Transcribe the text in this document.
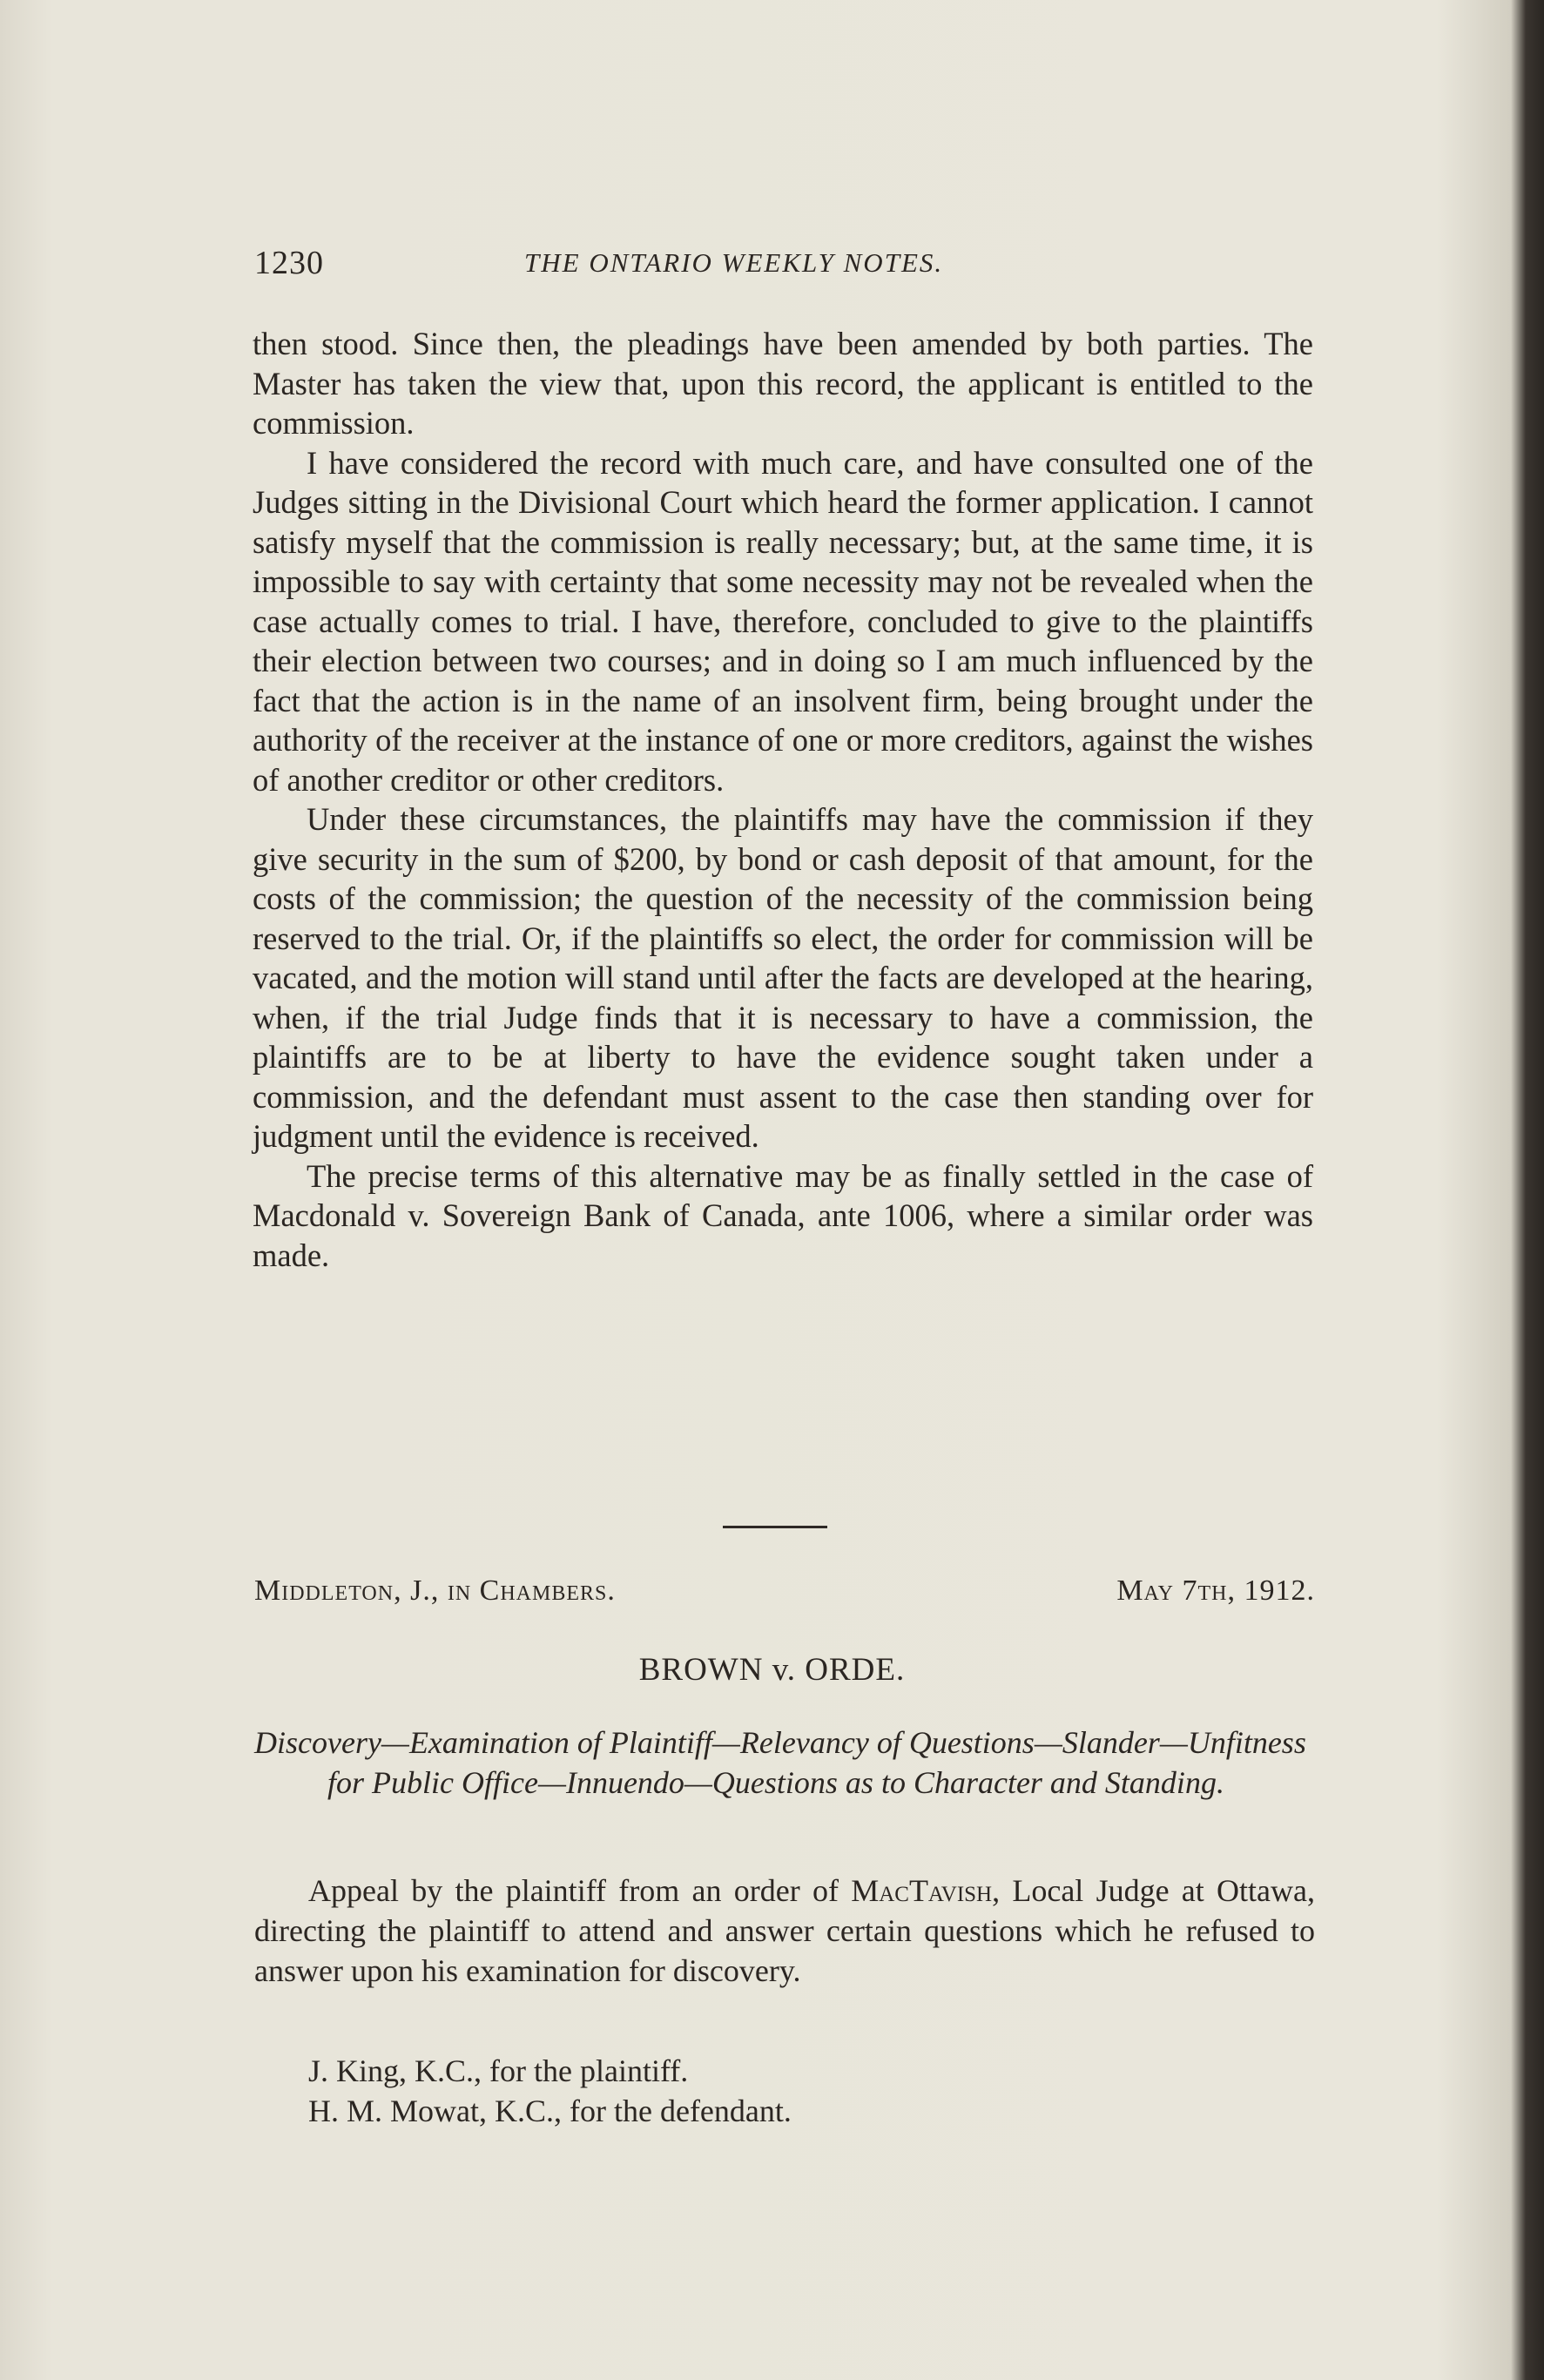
1230	THE ONTARIO WEEKLY NOTES.

then stood. Since then, the pleadings have been amended by both parties. The Master has taken the view that, upon this record, the applicant is entitled to the commission.

I have considered the record with much care, and have consulted one of the Judges sitting in the Divisional Court which heard the former application. I cannot satisfy myself that the commission is really necessary; but, at the same time, it is impossible to say with certainty that some necessity may not be revealed when the case actually comes to trial. I have, therefore, concluded to give to the plaintiffs their election between two courses; and in doing so I am much influenced by the fact that the action is in the name of an insolvent firm, being brought under the authority of the receiver at the instance of one or more creditors, against the wishes of another creditor or other creditors.

Under these circumstances, the plaintiffs may have the commission if they give security in the sum of $200, by bond or cash deposit of that amount, for the costs of the commission; the question of the necessity of the commission being reserved to the trial. Or, if the plaintiffs so elect, the order for commission will be vacated, and the motion will stand until after the facts are developed at the hearing, when, if the trial Judge finds that it is necessary to have a commission, the plaintiffs are to be at liberty to have the evidence sought taken under a commission, and the defendant must assent to the case then standing over for judgment until the evidence is received.

The precise terms of this alternative may be as finally settled in the case of Macdonald v. Sovereign Bank of Canada, ante 1006, where a similar order was made.

Middleton, J., in Chambers.	May 7th, 1912.
BROWN v. ORDE.
Discovery—Examination of Plaintiff—Relevancy of Questions—Slander—Unfitness for Public Office—Innuendo—Questions as to Character and Standing.
Appeal by the plaintiff from an order of MacTavish, Local Judge at Ottawa, directing the plaintiff to attend and answer certain questions which he refused to answer upon his examination for discovery.
J. King, K.C., for the plaintiff.
H. M. Mowat, K.C., for the defendant.
